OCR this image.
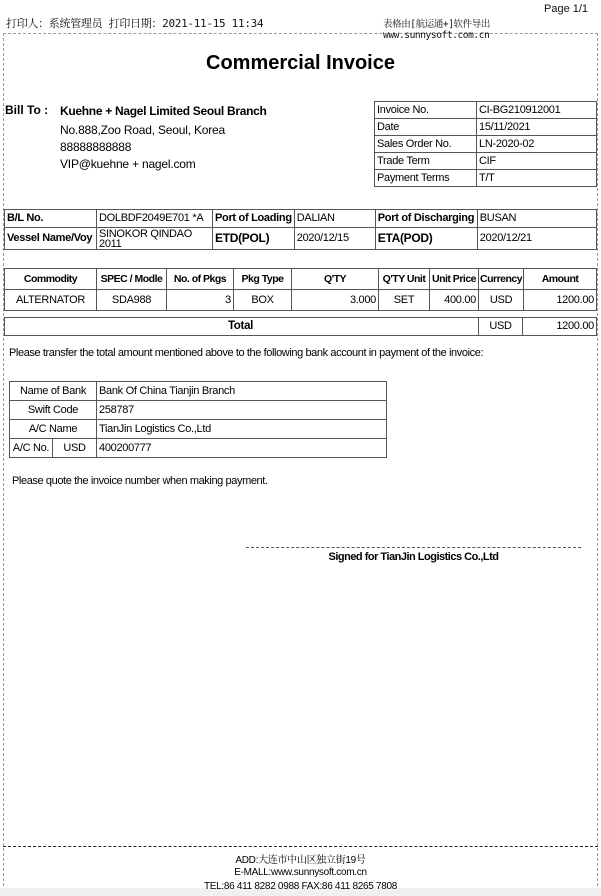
打印人：系统管理员 打印日期：2021-11-15 11:34
Page 1/1
表格由[航运通+]软件导出 www.sunnysoft.com.cn
Commercial Invoice
Bill To : Kuehne + Nagel Limited Seoul Branch
No.888,Zoo Road, Seoul, Korea
88888888888
VIP@kuehne + nagel.com
Invoice No.	CI-BG210912001
Date	15/11/2021
Sales Order No.	LN-2020-02
Trade Term	CIF
Payment Terms	T/T
B/L No.	DOLBDF2049E701 *A	Port of Loading	DALIAN	Port of Discharging	BUSAN
Vessel Name/Voy	SINOKOR QINDAO 2011	ETD(POL)	2020/12/15	ETA(POD)	2020/12/21
Commodity	SPEC / Modle	No. of Pkgs	Pkg Type	Q'TY	Q'TY Unit	Unit Price	Currency	Amount
ALTERNATOR	SDA988	3	BOX	3.000	SET	400.00	USD	1200.00
Total	USD	1200.00
Please transfer the total amount mentioned above to the following bank account in payment of the invoice:
Name of Bank		Bank Of China Tianjin Branch
Swift Code		258787
A/C Name		TianJin Logistics Co.,Ltd
A/C No.	USD	400200777
Please quote the invoice number when making payment.
Signed for TianJin Logistics Co.,Ltd
ADD:大连市中山区独立街19号
E-MALL:www.sunnysoft.com.cn
TEL:86 411 8282 0988 FAX:86 411 8265 7808
